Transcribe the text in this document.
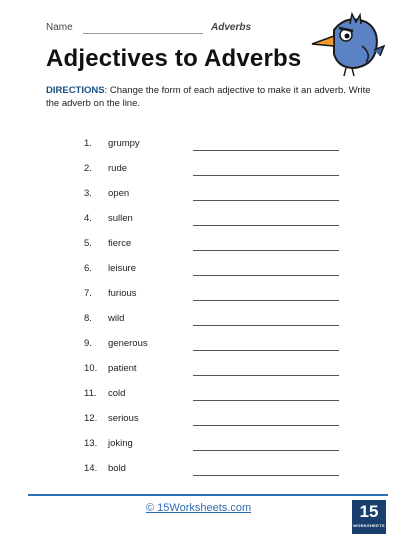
Name	Adverbs
Adjectives to Adverbs
DIRECTIONS: Change the form of each adjective to make it an adverb. Write the adverb on the line.
1.	grumpy
2.	rude
3.	open
4.	sullen
5.	fierce
6.	leisure
7.	furious
8.	wild
9.	generous
10.	patient
11.	cold
12.	serious
13.	joking
14.	bold
© 15Worksheets.com	15
WORKSHEETS
